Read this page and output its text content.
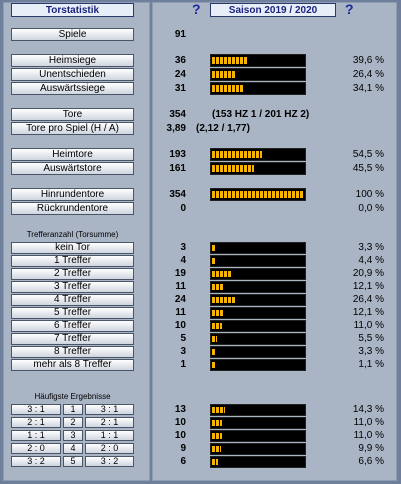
Torstatistik	?	Saison 2019 / 2020	?
Spiele	91
Heimsiege	36	39,6 %
Unentschieden	24	26,4 %
Auswärtssiege	31	34,1 %
Tore	354	(153 HZ 1 / 201 HZ 2)
Tore pro Spiel (H / A)	3,89 (2,12 / 1,77)
Heimtore	193	54,5 %
Auswärtstore	161	45,5 %
Hinrundentore	354	100 %
Rückrundentore	0	0,0 %
Trefferanzahl (Torsumme)
kein Tor	3	3,3 %
1 Treffer	4	4,4 %
2 Treffer	19	20,9 %
3 Treffer	11	12,1 %
4 Treffer	24	26,4 %
5 Treffer	11	12,1 %
6 Treffer	10	11,0 %
7 Treffer	5	5,5 %
8 Treffer	3	3,3 %
mehr als 8 Treffer	1	1,1 %
Häufigste Ergebnisse
3 : 1	1	3 : 1	13	14,3 %
2 : 1	2	2 : 1	10	11,0 %
1 : 1	3	1 : 1	10	11,0 %
2 : 0	4	2 : 0	9	9,9 %
3 : 2	5	3 : 2	6	6,6 %
